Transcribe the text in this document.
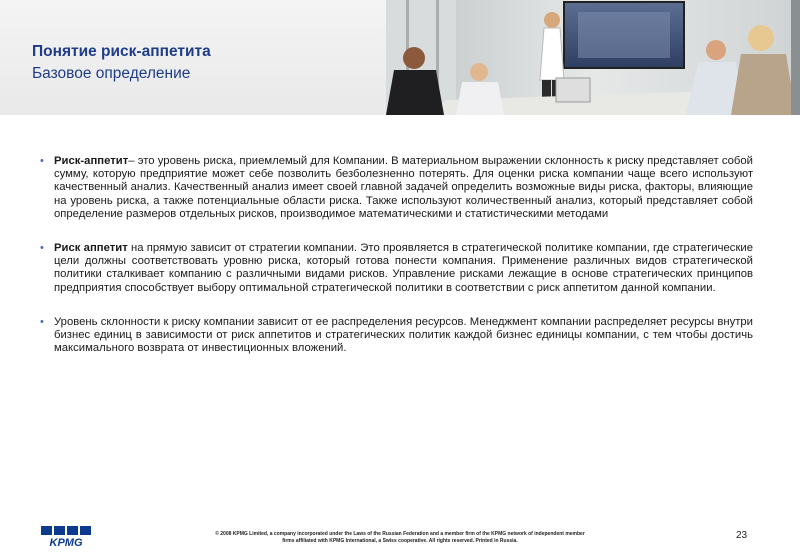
Понятие риск-аппетита
Базовое определение

• Риск-аппетит– это уровень риска, приемлемый для Компании. В материальном выражении склонность к риску представляет собой сумму, которую предприятие может себе позволить безболезненно потерять. Для оценки риска компании чаще всего используют качественный анализ. Качественный анализ имеет своей главной задачей определить возможные виды риска, факторы, влияющие на уровень риска, а также потенциальные области риска. Также используют количественный анализ, который представляет собой определение размеров отдельных рисков, производимое математическими и статистическими методами

• Риск аппетит на прямую зависит от стратегии компании. Это проявляется в стратегической политике компании, где стратегические цели должны соответствовать уровню риска, который готова понести компания. Применение различных видов стратегической политики сталкивает компанию с различными видами рисков. Управление рисками лежащие в основе стратегических принципов предприятия способствует выбору оптимальной стратегической политики в соответствии с риск аппетитом данной компании.

• Уровень склонности к риску компании зависит от ее распределения ресурсов. Менеджмент компании распределяет ресурсы внутри бизнес единиц в зависимости от риск аппетитов и стратегических политик каждой бизнес единицы компании, с тем чтобы достичь максимального возврата от инвестиционных вложений.

KPMG
© 2008 KPMG Limited, a company incorporated under the Laws of the Russian Federation and a member firm of the KPMG network of independent member
firms affiliated with KPMG International, a Swiss cooperative. All rights reserved. Printed in Russia.	23
